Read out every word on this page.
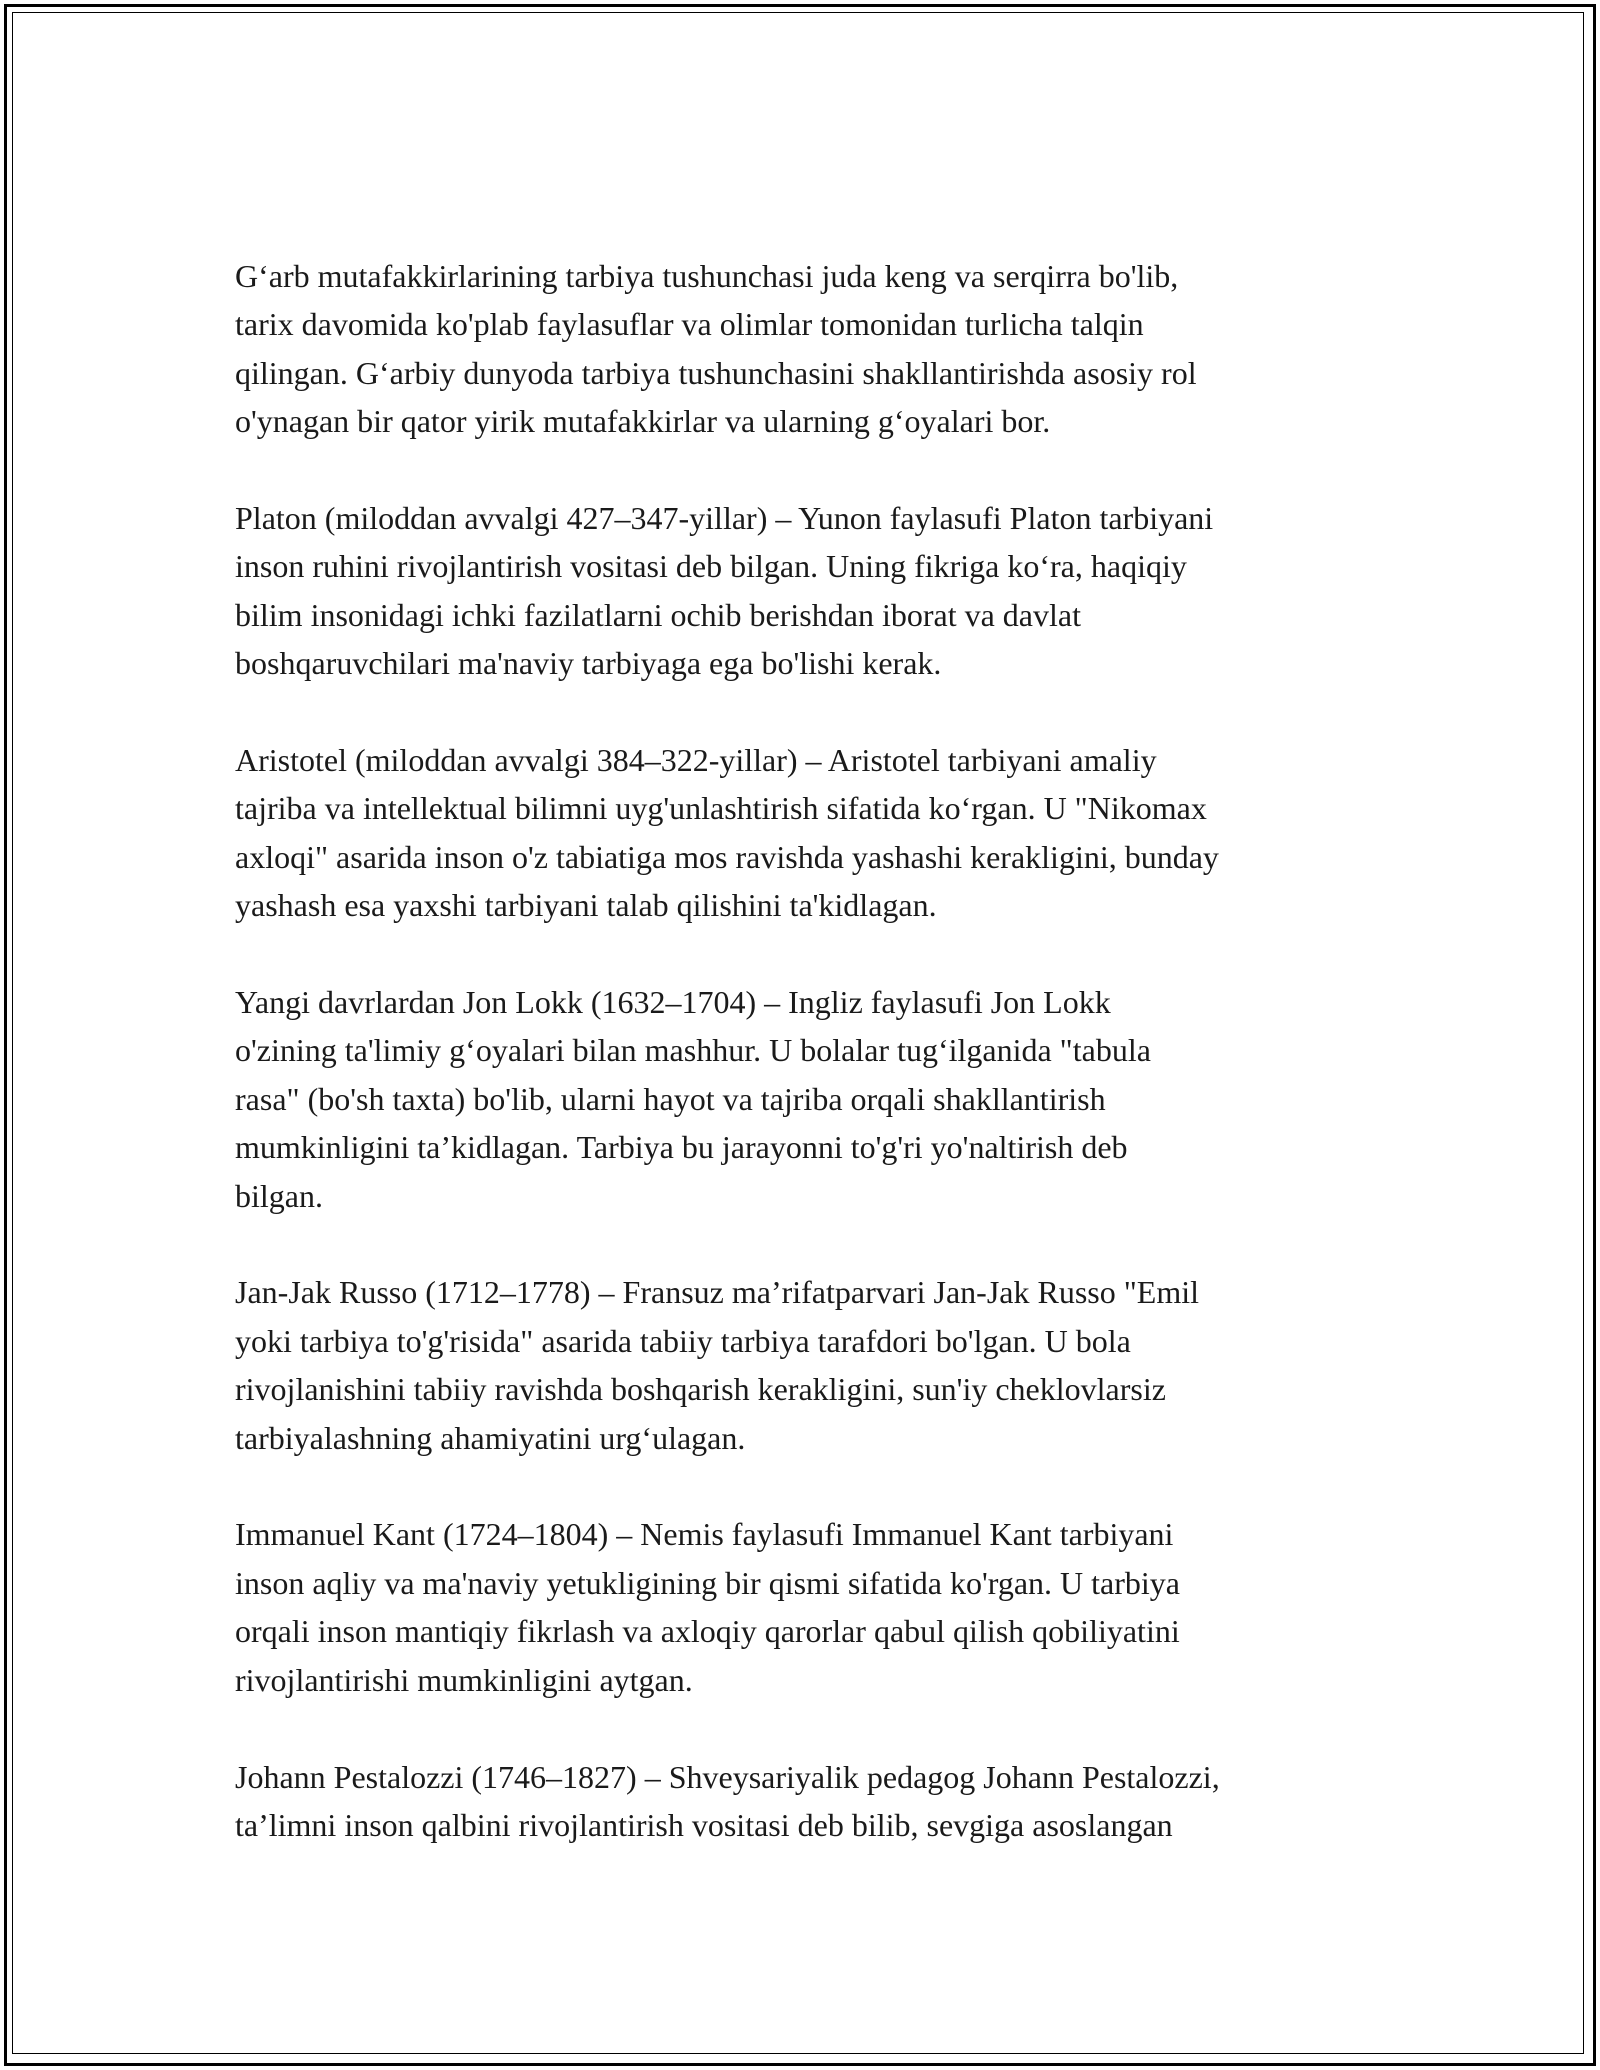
G‘arb mutafakkirlarining tarbiya tushunchasi juda keng va serqirra bo'lib,
tarix davomida ko'plab faylasuflar va olimlar tomonidan turlicha talqin
qilingan. G‘arbiy dunyoda tarbiya tushunchasini shakllantirishda asosiy rol
o'ynagan bir qator yirik mutafakkirlar va ularning g‘oyalari bor.

Platon (miloddan avvalgi 427–347-yillar) – Yunon faylasufi Platon tarbiyani
inson ruhini rivojlantirish vositasi deb bilgan. Uning fikriga ko‘ra, haqiqiy
bilim insonidagi ichki fazilatlarni ochib berishdan iborat va davlat
boshqaruvchilari ma'naviy tarbiyaga ega bo'lishi kerak.

Aristotel (miloddan avvalgi 384–322-yillar) – Aristotel tarbiyani amaliy
tajriba va intellektual bilimni uyg'unlashtirish sifatida ko‘rgan. U "Nikomax
axloqi" asarida inson o'z tabiatiga mos ravishda yashashi kerakligini, bunday
yashash esa yaxshi tarbiyani talab qilishini ta'kidlagan.

Yangi davrlardan Jon Lokk (1632–1704) – Ingliz faylasufi Jon Lokk
o'zining ta'limiy g‘oyalari bilan mashhur. U bolalar tug‘ilganida "tabula
rasa" (bo'sh taxta) bo'lib, ularni hayot va tajriba orqali shakllantirish
mumkinligini ta’kidlagan. Tarbiya bu jarayonni to'g'ri yo'naltirish deb
bilgan.

Jan-Jak Russo (1712–1778) – Fransuz ma’rifatparvari Jan-Jak Russo "Emil
yoki tarbiya to'g'risida" asarida tabiiy tarbiya tarafdori bo'lgan. U bola
rivojlanishini tabiiy ravishda boshqarish kerakligini, sun'iy cheklovlarsiz
tarbiyalashning ahamiyatini urg‘ulagan.

Immanuel Kant (1724–1804) – Nemis faylasufi Immanuel Kant tarbiyani
inson aqliy va ma'naviy yetukligining bir qismi sifatida ko'rgan. U tarbiya
orqali inson mantiqiy fikrlash va axloqiy qarorlar qabul qilish qobiliyatini
rivojlantirishi mumkinligini aytgan.

Johann Pestalozzi (1746–1827) – Shveysariyalik pedagog Johann Pestalozzi,
ta’limni inson qalbini rivojlantirish vositasi deb bilib, sevgiga asoslangan
